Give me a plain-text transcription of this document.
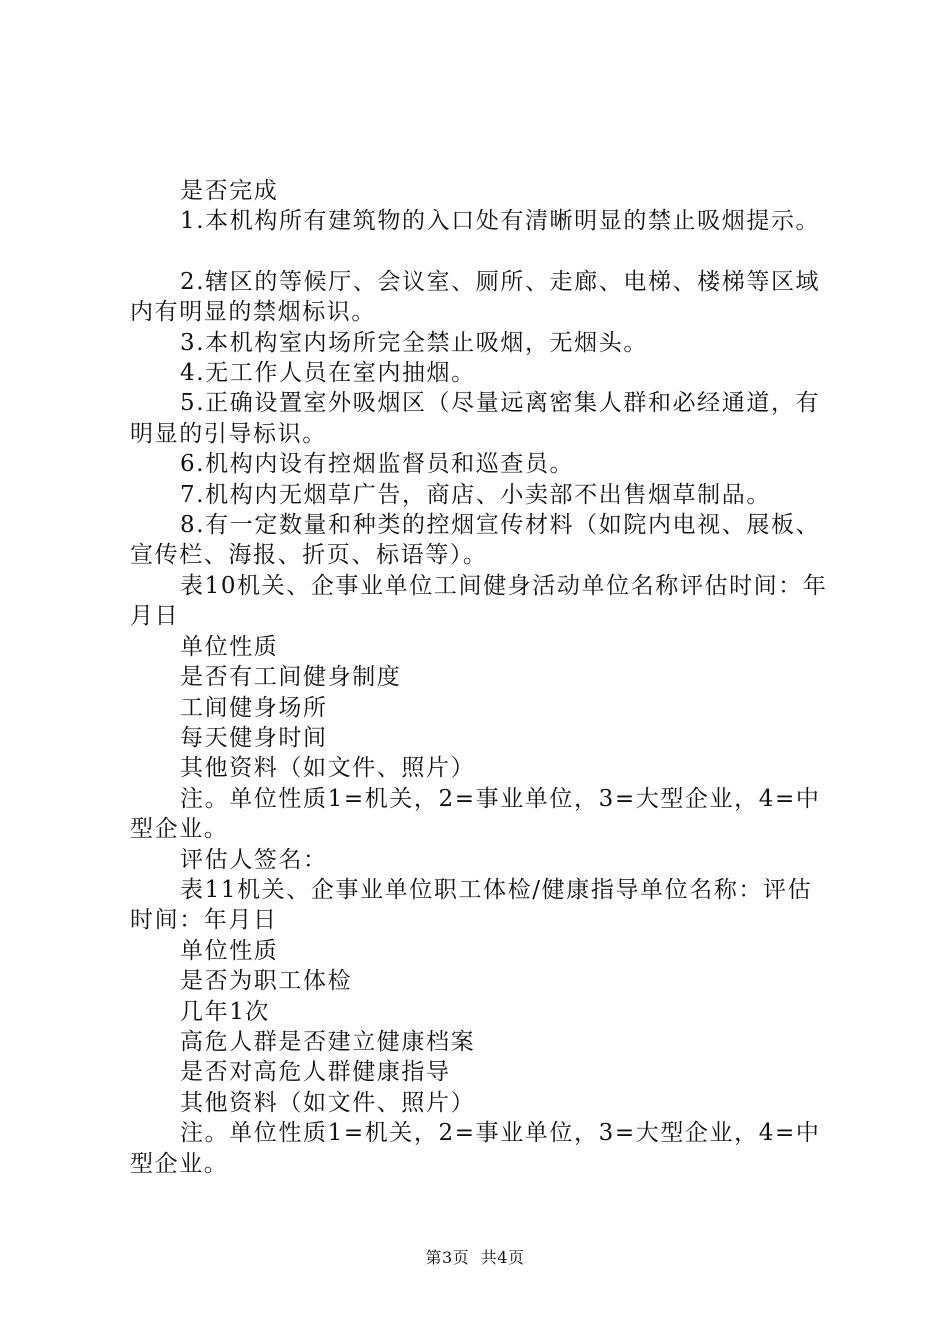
是否完成

1.本机构所有建筑物的入口处有清晰明显的禁止吸烟提示。

2.辖区的等候厅、会议室、厕所、走廊、电梯、楼梯等区域内有明显的禁烟标识。

3.本机构室内场所完全禁止吸烟，无烟头。

4.无工作人员在室内抽烟。

5.正确设置室外吸烟区（尽量远离密集人群和必经通道，有明显的引导标识。

6.机构内设有控烟监督员和巡查员。

7.机构内无烟草广告，商店、小卖部不出售烟草制品。

8.有一定数量和种类的控烟宣传材料（如院内电视、展板、宣传栏、海报、折页、标语等）。

表10机关、企事业单位工间健身活动单位名称评估时间：年月日

单位性质

是否有工间健身制度

工间健身场所

每天健身时间

其他资料（如文件、照片）

注。单位性质1=机关，2=事业单位，3=大型企业，4=中型企业。

评估人签名：

表11机关、企事业单位职工体检/健康指导单位名称：评估时间：年月日

单位性质

是否为职工体检

几年1次

高危人群是否建立健康档案

是否对高危人群健康指导

其他资料（如文件、照片）

注。单位性质1=机关，2=事业单位，3=大型企业，4=中型企业。

第3页 共4页
